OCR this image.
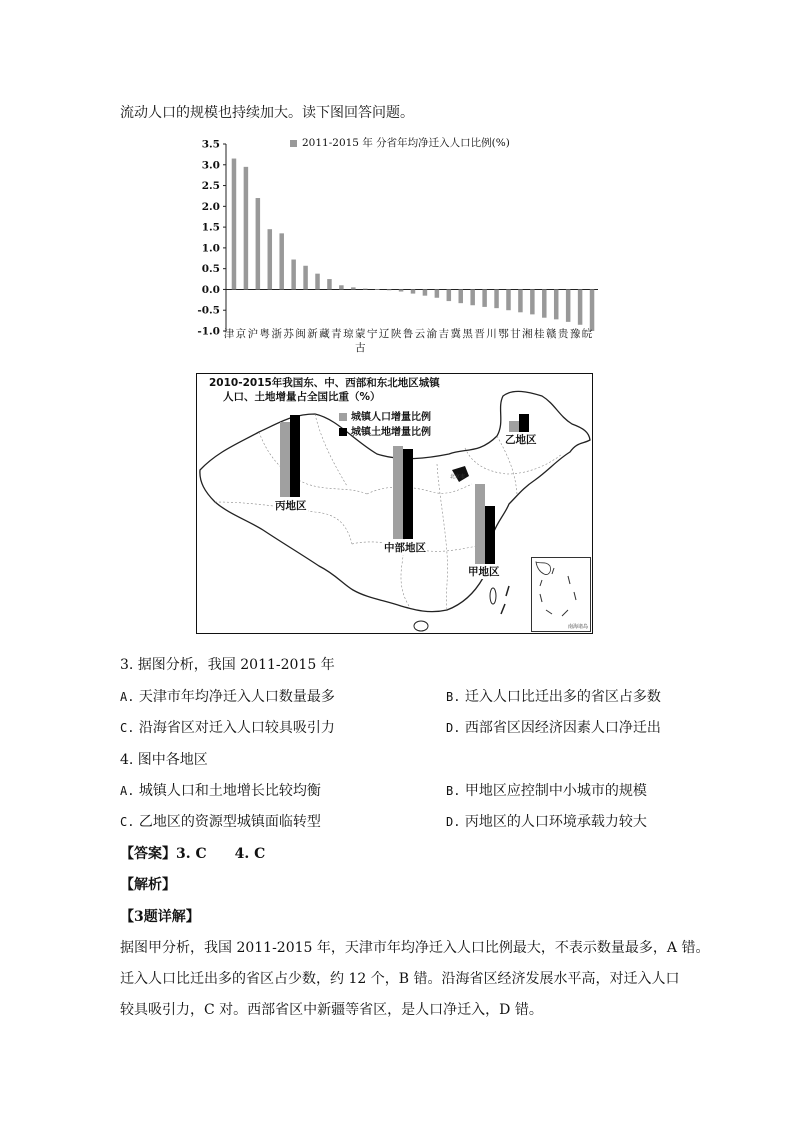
流动人口的规模也持续加大。读下图回答问题。
3.5
3.0
2.5
2.0
1.5
1.0
0.5
0.0
-0.5
-1.0 津 京 沪 粤 浙 苏 闽 新 藏 青 琼 蒙 宁 辽 陕 鲁 云 渝 吉 冀 黑 晋 川 鄂 甘 湘 桂 赣 贵 豫 皖
古
2011-2015 年 分省年均净迁入人口比例(%)
2010-2015年我国东、中、西部和东北地区城镇
人口、土地增量占全国比重（%）
城镇人口增量比例
城镇土地增量比例
北京市
乙地区
丙地区
中部地区
甲地区
南海诸岛
3. 据图分析，我国 2011-2015 年
A. 天津市年均净迁入人口数量最多	B. 迁入人口比迁出多的省区占多数
C. 沿海省区对迁入人口较具吸引力	D. 西部省区因经济因素人口净迁出
4. 图中各地区
A. 城镇人口和土地增长比较均衡	B. 甲地区应控制中小城市的规模
C. 乙地区的资源型城镇面临转型	D. 丙地区的人口环境承载力较大
【答案】3. C　　4. C
【解析】
【3题详解】
据图甲分析，我国 2011-2015 年，天津市年均净迁入人口比例最大，不表示数量最多，A 错。
迁入人口比迁出多的省区占少数，约 12 个，B 错。沿海省区经济发展水平高，对迁入人口
较具吸引力，C 对。西部省区中新疆等省区，是人口净迁入，D 错。
